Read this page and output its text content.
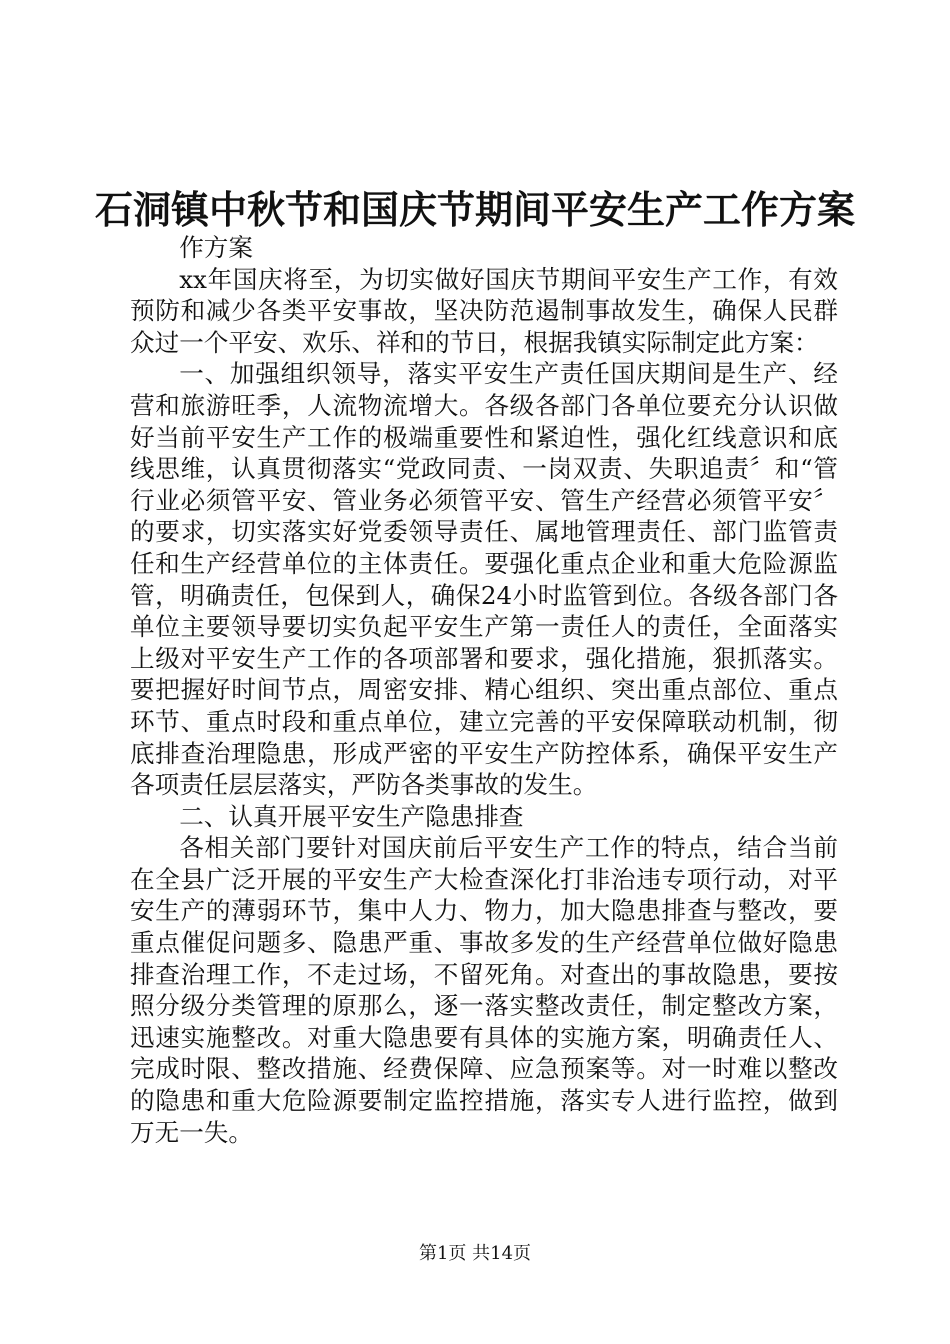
石洞镇中秋节和国庆节期间平安生产工作方案

作方案

xx年国庆将至，为切实做好国庆节期间平安生产工作，有效预防和减少各类平安事故，坚决防范遏制事故发生，确保人民群众过一个平安、欢乐、祥和的节日，根据我镇实际制定此方案：

一、加强组织领导，落实平安生产责任国庆期间是生产、经营和旅游旺季，人流物流增大。各级各部门各单位要充分认识做好当前平安生产工作的极端重要性和紧迫性，强化红线意识和底线思维，认真贯彻落实“党政同责、一岗双责、失职追责〞和“管行业必须管平安、管业务必须管平安、管生产经营必须管平安〞的要求，切实落实好党委领导责任、属地管理责任、部门监管责任和生产经营单位的主体责任。要强化重点企业和重大危险源监管，明确责任，包保到人，确保24小时监管到位。各级各部门各单位主要领导要切实负起平安生产第一责任人的责任，全面落实上级对平安生产工作的各项部署和要求，强化措施，狠抓落实。要把握好时间节点，周密安排、精心组织、突出重点部位、重点环节、重点时段和重点单位，建立完善的平安保障联动机制，彻底排查治理隐患，形成严密的平安生产防控体系，确保平安生产各项责任层层落实，严防各类事故的发生。

二、认真开展平安生产隐患排查

各相关部门要针对国庆前后平安生产工作的特点，结合当前在全县广泛开展的平安生产大检查深化打非治违专项行动，对平安生产的薄弱环节，集中人力、物力，加大隐患排查与整改，要重点催促问题多、隐患严重、事故多发的生产经营单位做好隐患排查治理工作，不走过场，不留死角。对查出的事故隐患，要按照分级分类管理的原那么，逐一落实整改责任，制定整改方案，迅速实施整改。对重大隐患要有具体的实施方案，明确责任人、完成时限、整改措施、经费保障、应急预案等。对一时难以整改的隐患和重大危险源要制定监控措施，落实专人进行监控，做到万无一失。

第1页 共14页
